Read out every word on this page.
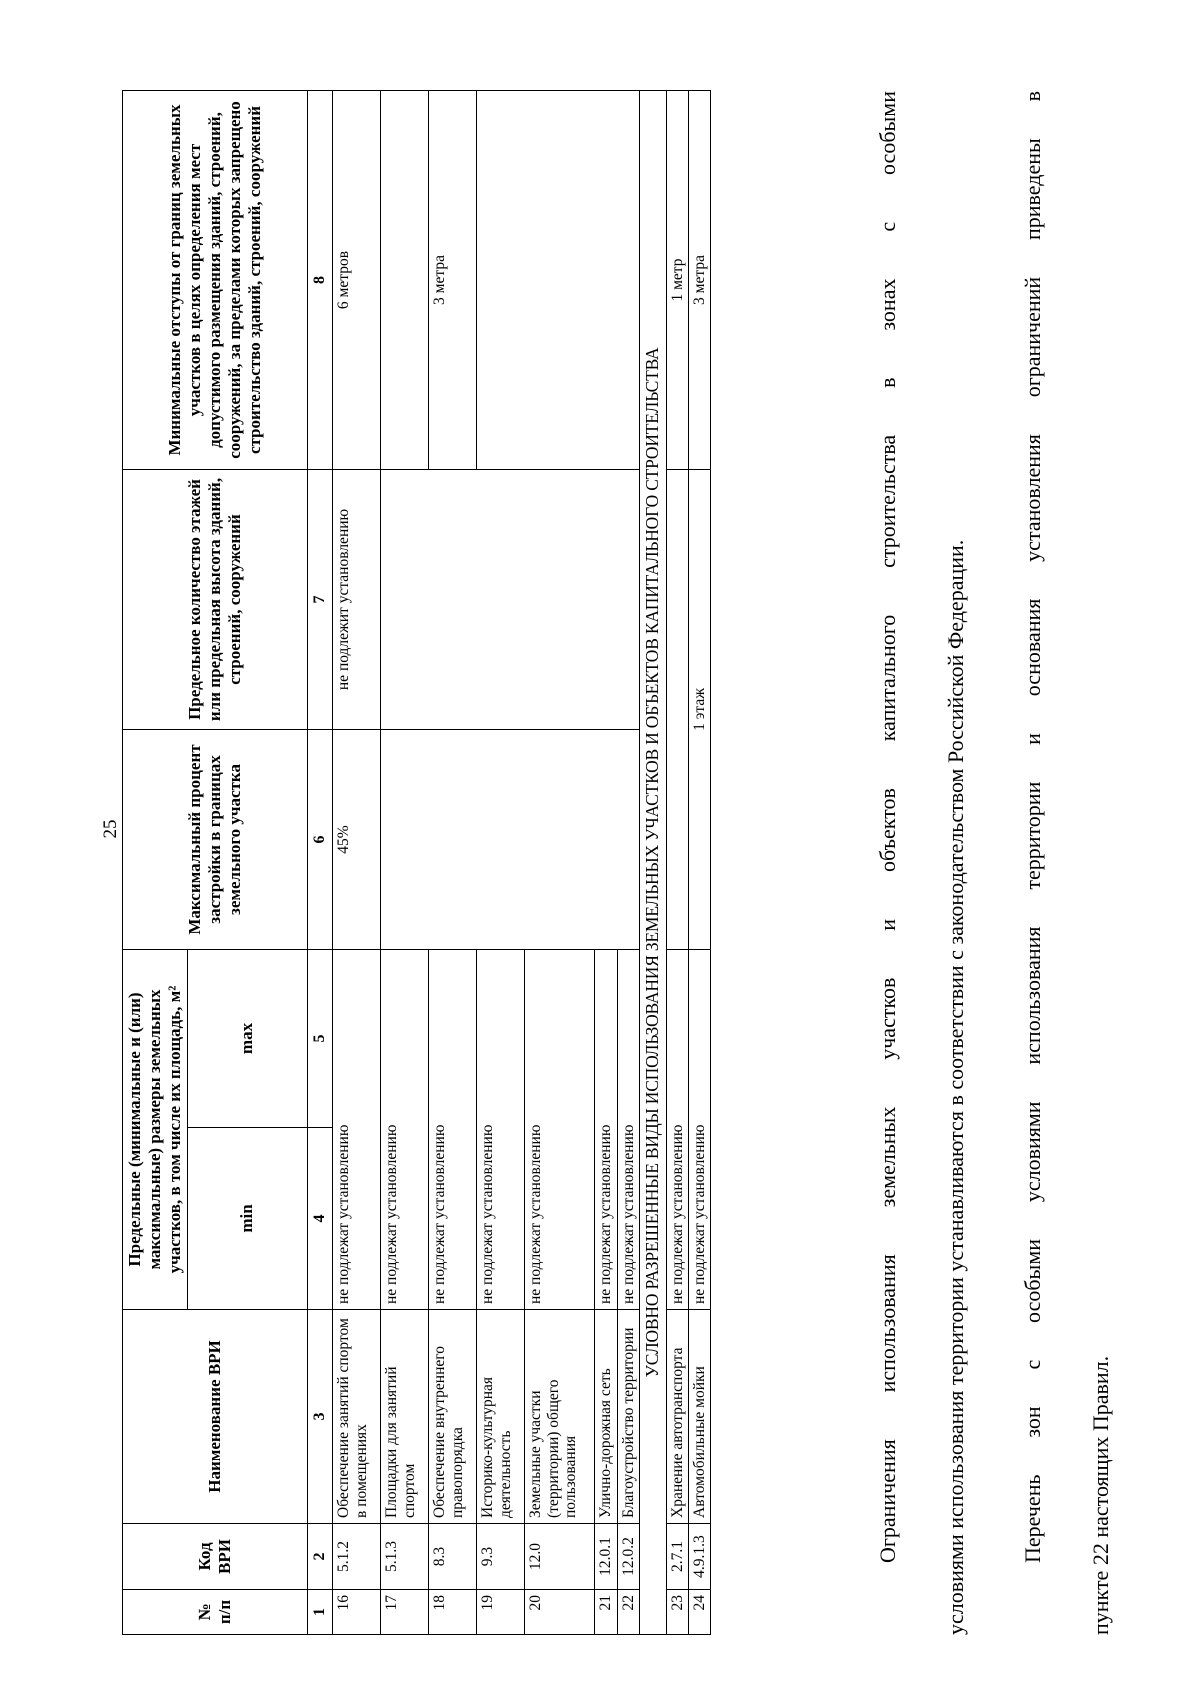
25
№ п/п	Код ВРИ	Наименование ВРИ	Предельные (минимальные и (или) максимальные) размеры земельных участков, в том числе их площадь, м²		Максимальный процент застройки в границах земельного участка	Предельное количество этажей или предельная высота зданий, строений, сооружений	Минимальные отступы от границ земельных участков в целях определения мест допустимого размещения зданий, строений, сооружений, за пределами которых запрещено строительство зданий, строений, сооружений
			min	max			
1	2	3	4	5	6	7	8
16	5.1.2	Обеспечение занятий спортом в помещениях	не подлежат установлению		45%	не подлежит установлению	6 метров
17	5.1.3	Площадки для занятий спортом	не подлежат установлению				
18	8.3	Обеспечение внутреннего правопорядка	не подлежат установлению				3 метра
19	9.3	Историко-культурная деятельность	не подлежат установлению				
20	12.0	Земельные участки (территории) общего пользования	не подлежат установлению				
21	12.0.1	Улично-дорожная сеть	не подлежат установлению				
22	12.0.2	Благоустройство территории	не подлежат установлению				
УСЛОВНО РАЗРЕШЕННЫЕ ВИДЫ ИСПОЛЬЗОВАНИЯ ЗЕМЕЛЬНЫХ УЧАСТКОВ И ОБЪЕКТОВ КАПИТАЛЬНОГО СТРОИТЕЛЬСТВА							
23	2.7.1	Хранение автотранспорта	не подлежат установлению				1 метр
24	4.9.1.3	Автомобильные мойки	не подлежат установлению		1 этаж		3 метра	Ограничения использования земельных участков и объектов капитального строительства в зонах с особыми условиями использования территории устанавливаются в соответствии с законодательством Российской Федерации. Перечень зон с особыми условиями использования территории и основания установления ограничений приведены в пункте 22 настоящих Правил.
